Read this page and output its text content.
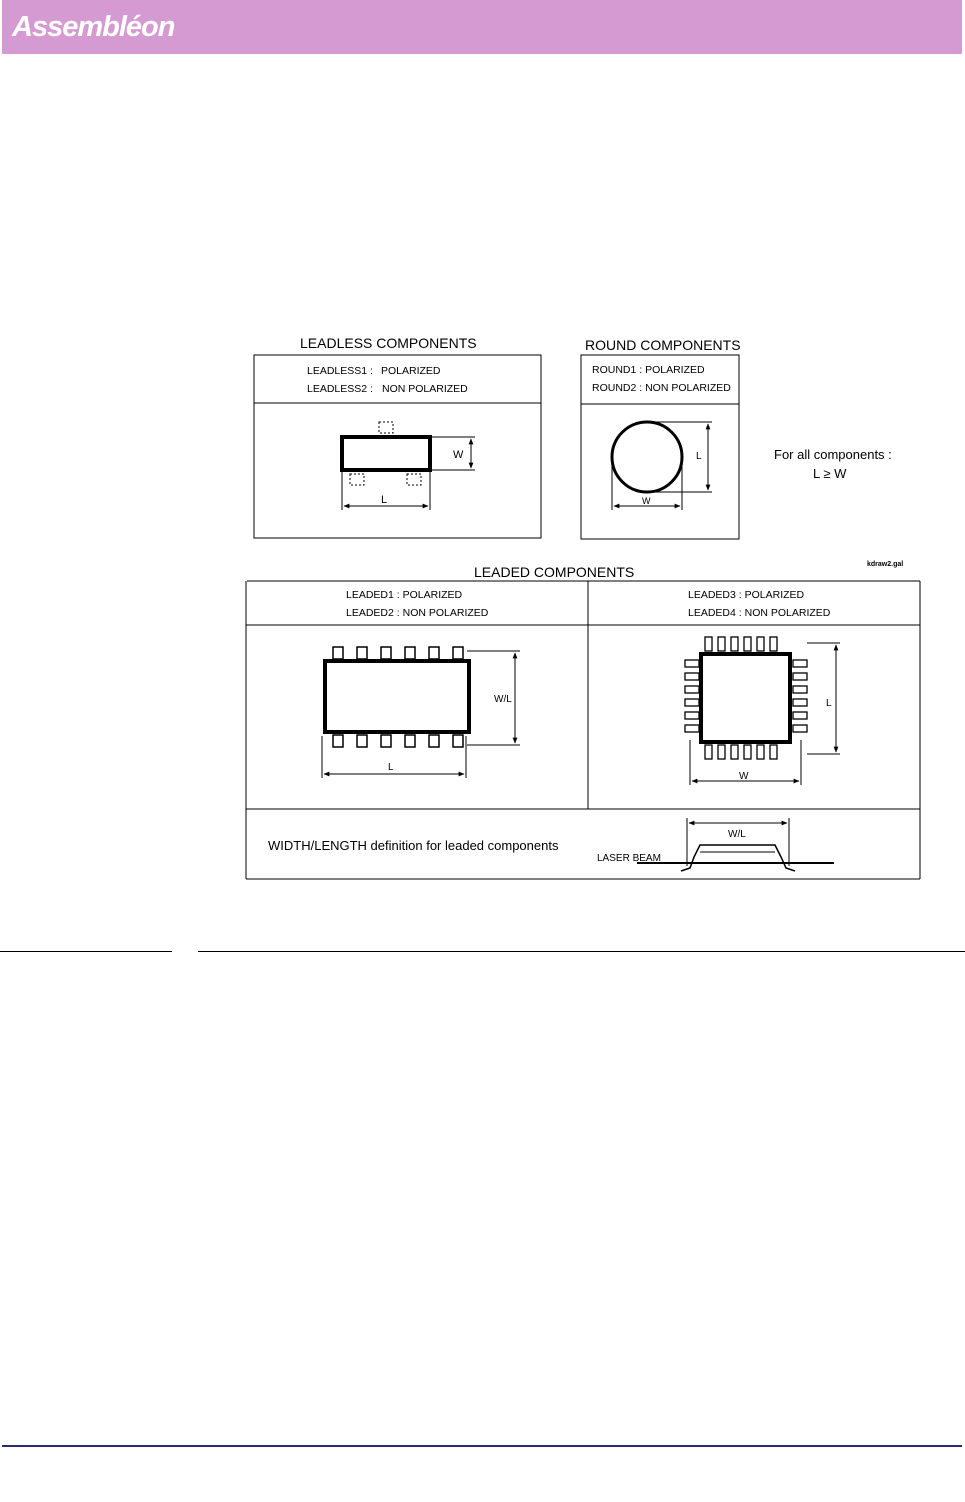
Assembléon
LEADLESS COMPONENTS
LEADLESS1 : POLARIZED
LEADLESS2 : NON POLARIZED
W
L
ROUND COMPONENTS
ROUND1 : POLARIZED
ROUND2 : NON POLARIZED
L
W
For all components :
L ≥ W
kdraw2.gal
LEADED COMPONENTS
LEADED1 : POLARIZED
LEADED2 : NON POLARIZED
LEADED3 : POLARIZED
LEADED4 : NON POLARIZED
W/L
L
L
W
WIDTH/LENGTH definition for leaded components
LASER BEAM
W/L
